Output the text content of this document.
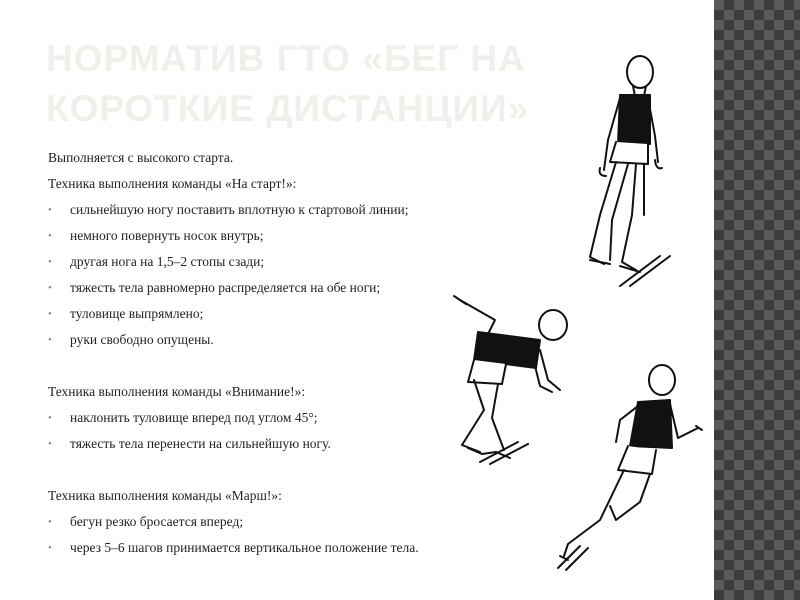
НОРМАТИВ ГТО «БЕГ НА КОРОТКИЕ ДИСТАНЦИИ»

Выполняется с высокого старта.

Техника выполнения команды «На старт!»:

• сильнейшую ногу поставить вплотную к стартовой линии;

• немного повернуть носок внутрь;

• другая нога на 1,5–2 стопы сзади;

• тяжесть тела равномерно распределяется на обе ноги;

• туловище выпрямлено;

• руки свободно опущены.

Техника выполнения команды «Внимание!»:

• наклонить туловище вперед под углом 45°;

• тяжесть тела перенести на сильнейшую ногу.

Техника выполнения команды «Марш!»:

• бегун резко бросается вперед;

• через 5–6 шагов принимается вертикальное положение тела.
